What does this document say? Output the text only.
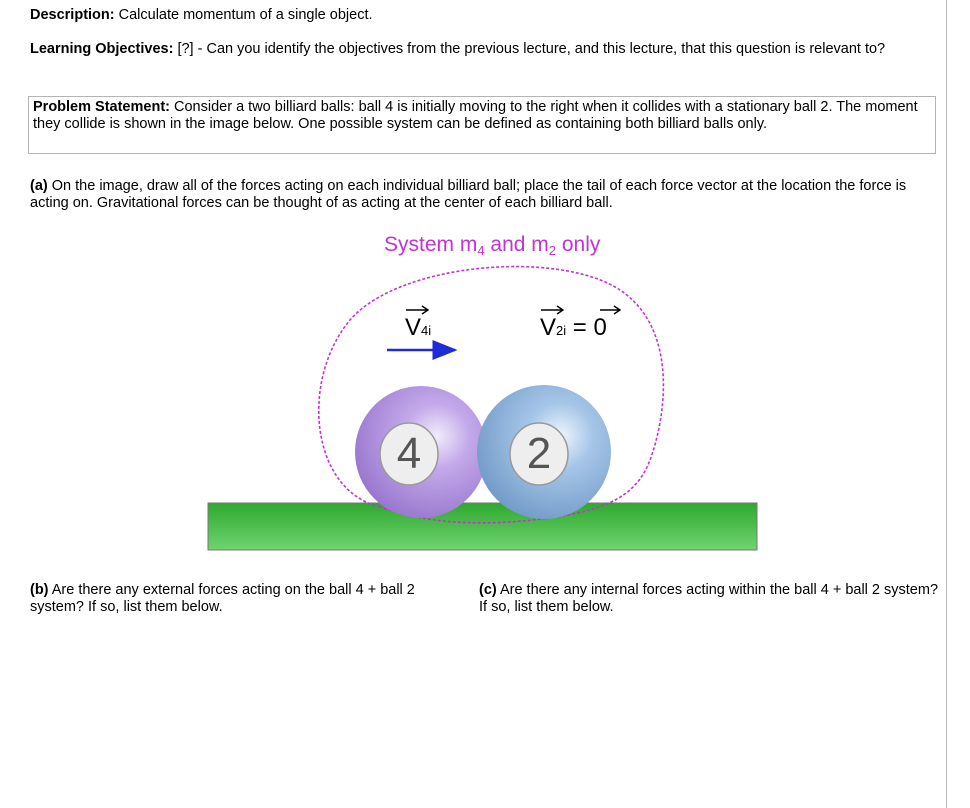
Description: Calculate momentum of a single object.
Learning Objectives: [?] - Can you identify the objectives from the previous lecture, and this lecture, that this question is relevant to?
Problem Statement: Consider a two billiard balls: ball 4 is initially moving to the right when it collides with a stationary ball 2. The moment they collide is shown in the image below. One possible system can be defined as containing both billiard balls only.
(a) On the image, draw all of the forces acting on each individual billiard ball; place the tail of each force vector at the location the force is acting on. Gravitational forces can be thought of as acting at the center of each billiard ball.
System $m_4$ and $m_2$ only
V4i	V2i = 0
4	2
(b) Are there any external forces acting on the ball 4 + ball 2 system? If so, list them below.
(c) Are there any internal forces acting within the ball 4 + ball 2 system? If so, list them below.
